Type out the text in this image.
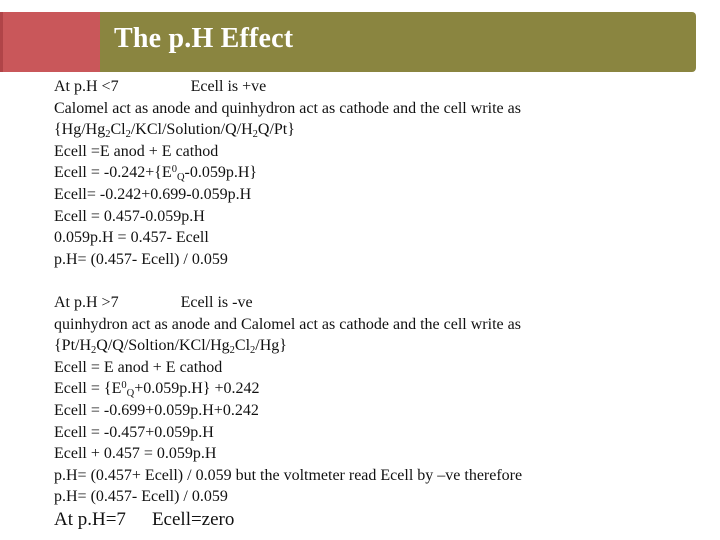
The p.H Effect
At p.H <7	Ecell is +ve
Calomel act as anode and quinhydron act as cathode and the cell write as
$\{Hg/Hg_2Cl_2/KCl/Solution/Q/H_2Q/Pt\}$
Ecell =E anod + E cathod
Ecell = $-0.242+\{E^0_Q-0.059p.H\}$
Ecell= -0.242+0.699-0.059p.H
Ecell = 0.457-0.059p.H
0.059p.H = 0.457- Ecell
p.H= (0.457- Ecell) / 0.059
At p.H >7	Ecell is -ve
quinhydron act as anode and Calomel act as cathode and the cell write as
$\{Pt/H_2Q/Q/Soltion/KCl/Hg_2Cl_2/Hg\}$
Ecell = E anod + E cathod
Ecell = $\{E^0_Q+0.059p.H\} +0.242$
Ecell = -0.699+0.059p.H+0.242
Ecell = -0.457+0.059p.H
Ecell + 0.457 = 0.059p.H
p.H= (0.457+ Ecell) / 0.059 but the voltmeter read Ecell by –ve therefore
p.H= (0.457- Ecell) / 0.059
At p.H=7 Ecell=zero
